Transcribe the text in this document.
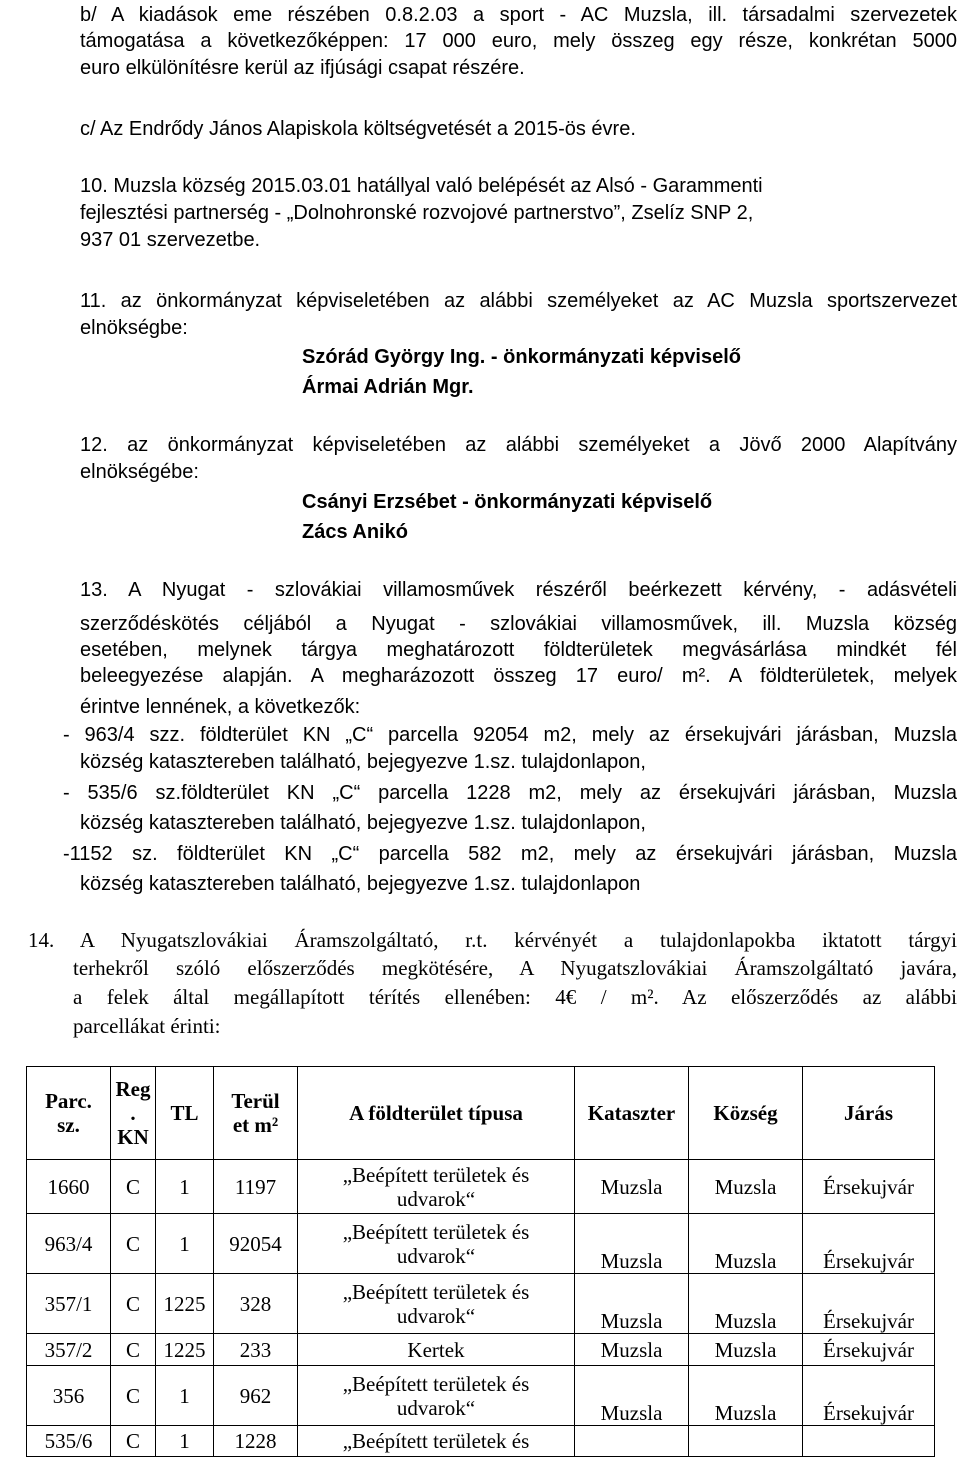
b/ A kiadások eme részében 0.8.2.03 a sport - AC Muzsla, ill. társadalmi szervezetek
támogatása a következőképpen: 17 000 euro, mely összeg egy része, konkrétan 5000
euro elkülönítésre kerül az ifjúsági csapat részére.
c/ Az Endrődy János Alapiskola költségvetését a 2015-ös évre.
10. Muzsla község 2015.03.01 hatállyal való belépését az Alsó - Garammenti
fejlesztési partnerség - „Dolnohronské rozvojové partnerstvo”, Zselíz SNP 2,
937 01 szervezetbe.
11. az önkormányzat képviseletében az alábbi személyeket az AC Muzsla sportszervezet
elnökségbe:
Szórád György Ing. - önkormányzati képviselő
Ármai Adrián Mgr.
12. az önkormányzat képviseletében az alábbi személyeket a Jövő 2000 Alapítvány
elnökségébe:
Csányi Erzsébet - önkormányzati képviselő
Zács Anikó
13. A Nyugat - szlovákiai villamosművek részéről beérkezett kérvény, - adásvételi
szerződéskötés céljából a Nyugat - szlovákiai villamosművek, ill. Muzsla község
esetében, melynek tárgya meghatározott földterületek megvásárlása mindkét fél
beleegyezése alapján. A megharázozott összeg 17 euro/ m². A földterületek, melyek
érintve lennének, a következők:
- 963/4 szz. földterület KN „C“ parcella 92054 m2, mely az érsekujvári járásban, Muzsla
község katasztereben található, bejegyezve 1.sz. tulajdonlapon,
- 535/6 sz.földterület KN „C“ parcella 1228 m2, mely az érsekujvári járásban, Muzsla
község katasztereben található, bejegyezve 1.sz. tulajdonlapon,
-1152 sz. földterület KN „C“ parcella 582 m2, mely az érsekujvári járásban, Muzsla
község katasztereben található, bejegyezve 1.sz. tulajdonlapon
14. A Nyugatszlovákiai Áramszolgáltató, r.t. kérvényét a tulajdonlapokba iktatott tárgyi
terhekről szóló előszerződés megkötésére, A Nyugatszlovákiai Áramszolgáltató javára,
a felek által megállapított térítés ellenében: 4€ / m². Az előszerződés az alábbi
parcellákat érinti:
Parc.
sz.	Reg
.
KN	TL	Terül
et m²	A földterület típusa	Kataszter	Község	Járás
1660	C	1	1197	„Beépített területek és
udvarok“	Muzsla	Muzsla	Érsekujvár
963/4	C	1	92054	„Beépített területek és
udvarok“	Muzsla	Muzsla	Érsekujvár
357/1	C	1225	328	„Beépített területek és
udvarok“	Muzsla	Muzsla	Érsekujvár
357/2	C	1225	233	Kertek	Muzsla	Muzsla	Érsekujvár
356	C	1	962	„Beépített területek és
udvarok“	Muzsla	Muzsla	Érsekujvár
535/6	C	1	1228	„Beépített területek és			
